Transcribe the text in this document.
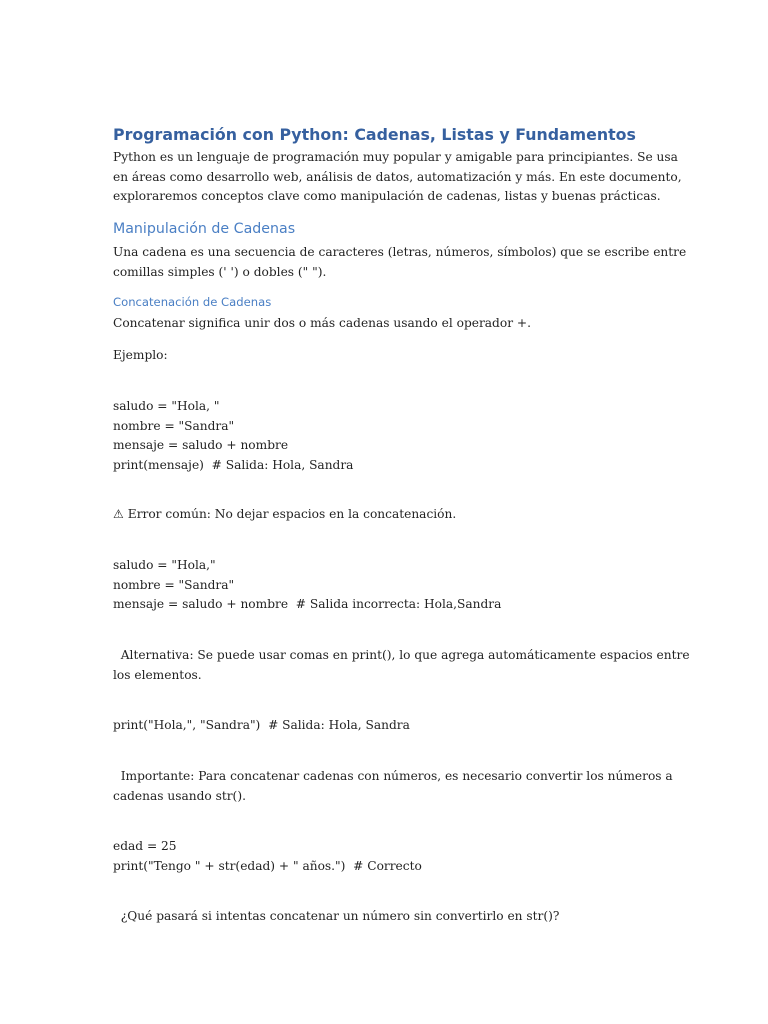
Programación con Python: Cadenas, Listas y Fundamentos
Python es un lenguaje de programación muy popular y amigable para principiantes. Se usa
en áreas como desarrollo web, análisis de datos, automatización y más. En este documento,
exploraremos conceptos clave como manipulación de cadenas, listas y buenas prácticas.
Manipulación de Cadenas
Una cadena es una secuencia de caracteres (letras, números, símbolos) que se escribe entre
comillas simples (' ') o dobles (" ").
Concatenación de Cadenas

Concatenar significa unir dos o más cadenas usando el operador +.

Ejemplo:

saludo = "Hola, "
nombre = "Sandra"
mensaje = saludo + nombre
print(mensaje)  # Salida: Hola, Sandra

⚠ Error común: No dejar espacios en la concatenación.

saludo = "Hola,"
nombre = "Sandra"
mensaje = saludo + nombre  # Salida incorrecta: Hola,Sandra
Alternativa: Se puede usar comas en print(), lo que agrega automáticamente espacios entre
los elementos.
print("Hola,", "Sandra")  # Salida: Hola, Sandra
Importante: Para concatenar cadenas con números, es necesario convertir los números a
cadenas usando str().
edad = 25
print("Tengo " + str(edad) + " años.")  # Correcto

¿Qué pasará si intentas concatenar un número sin convertirlo en str()?
